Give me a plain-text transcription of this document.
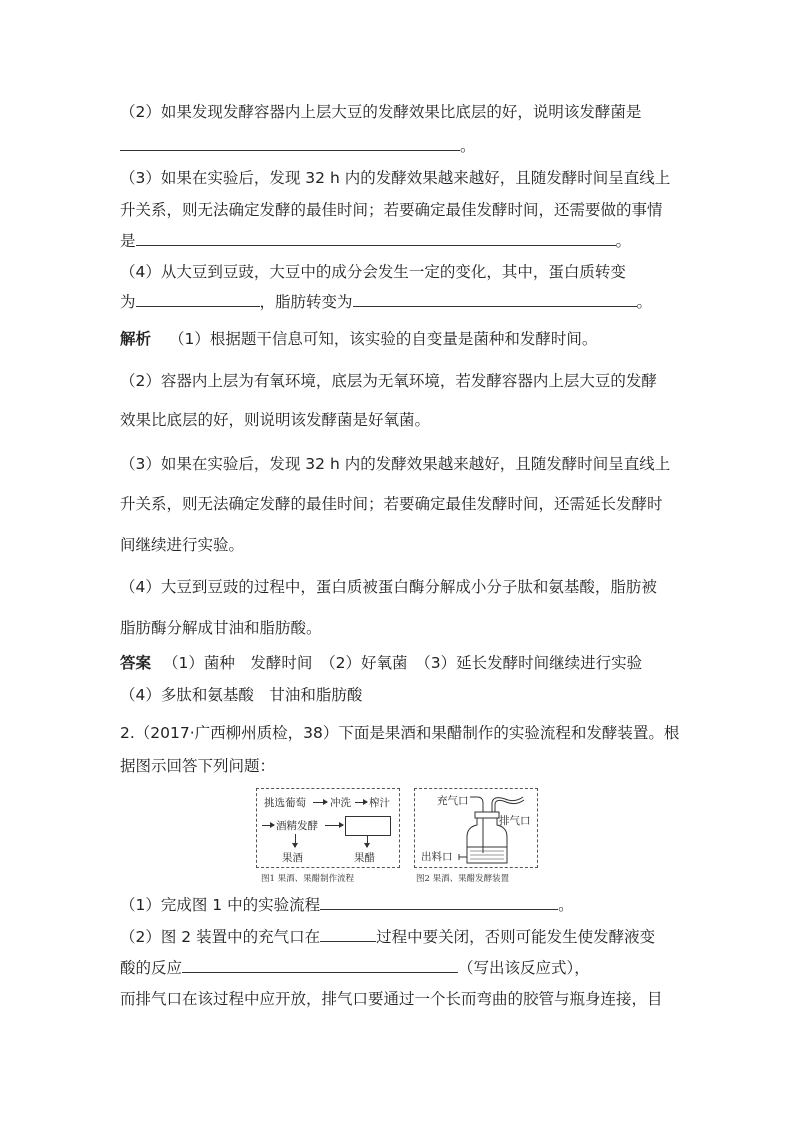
（2）如果发现发酵容器内上层大豆的发酵效果比底层的好，说明该发酵菌是
。
（3）如果在实验后，发现 32 h 内的发酵效果越来越好，且随发酵时间呈直线上
升关系，则无法确定发酵的最佳时间；若要确定最佳发酵时间，还需要做的事情
是	。
（4）从大豆到豆豉，大豆中的成分会发生一定的变化，其中，蛋白质转变
为	，脂肪转变为	。
解析 （1）根据题干信息可知，该实验的自变量是菌种和发酵时间。
（2）容器内上层为有氧环境，底层为无氧环境，若发酵容器内上层大豆的发酵
效果比底层的好，则说明该发酵菌是好氧菌。
（3）如果在实验后，发现 32 h 内的发酵效果越来越好，且随发酵时间呈直线上
升关系，则无法确定发酵的最佳时间；若要确定最佳发酵时间，还需延长发酵时
间继续进行实验。
（4）大豆到豆豉的过程中，蛋白质被蛋白酶分解成小分子肽和氨基酸，脂肪被
脂肪酶分解成甘油和脂肪酸。
答案 （1）菌种　发酵时间　（2）好氧菌　（3）延长发酵时间继续进行实验
（4）多肽和氨基酸　甘油和脂肪酸
2.（2017·广西柳州质检，38）下面是果酒和果醋制作的实验流程和发酵装置。根
据图示回答下列问题：
挑选葡萄 冲洗 榨汁
酒精发酵
果酒	果醋
图1 果酒、果醋制作流程
充气口
排气口
出料口
图2 果酒、果醋发酵装置
（1）完成图 1 中的实验流程	。
（2）图 2 装置中的充气口在	过程中要关闭，否则可能发生使发酵液变
酸的反应	（写出该反应式），
而排气口在该过程中应开放，排气口要通过一个长而弯曲的胶管与瓶身连接，目
